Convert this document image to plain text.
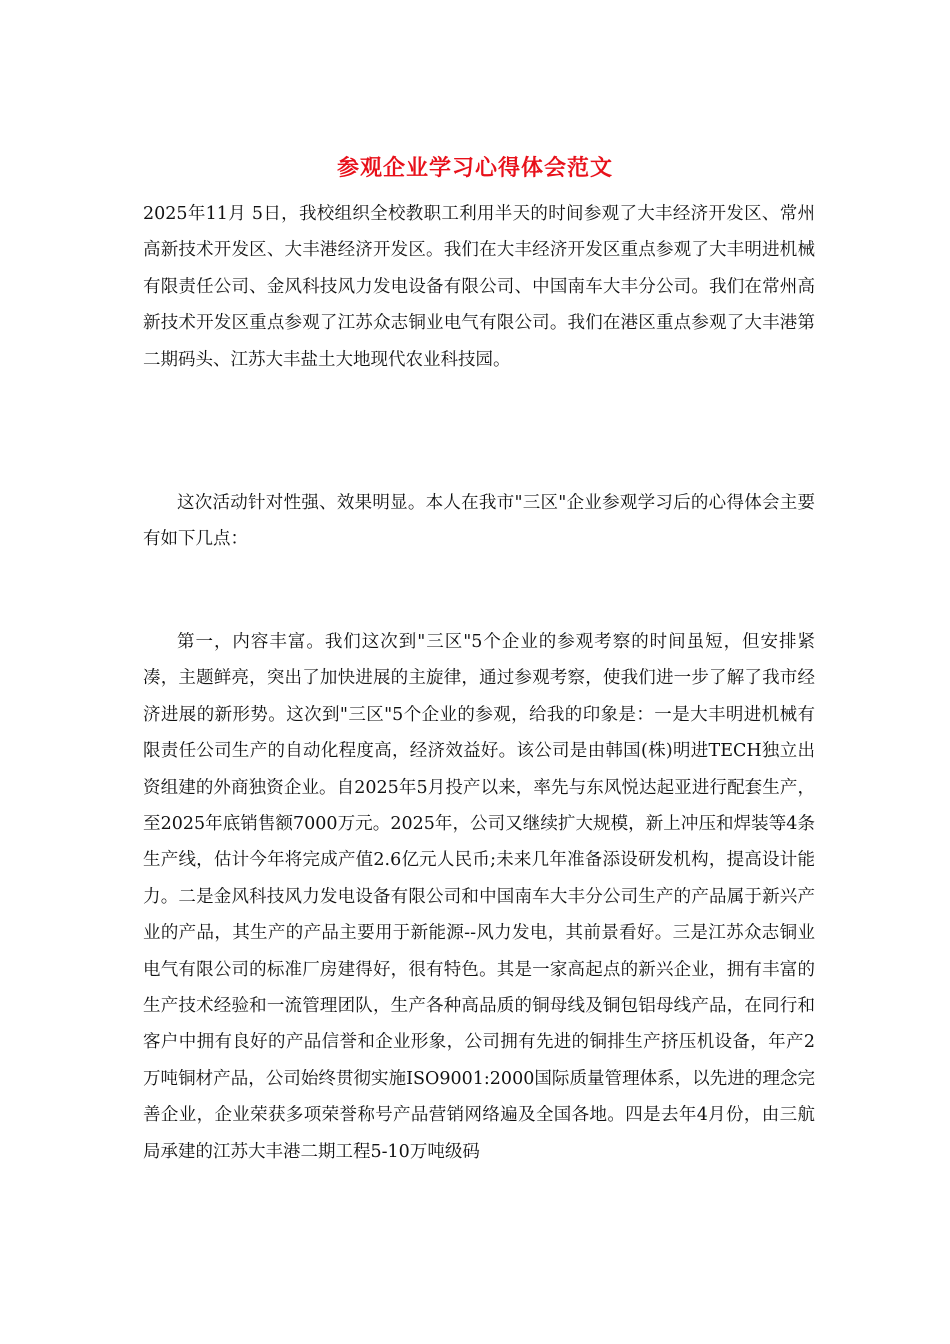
参观企业学习心得体会范文

2025年11月 5日，我校组织全校教职工利用半天的时间参观了大丰经济开发区、常州高新技术开发区、大丰港经济开发区。我们在大丰经济开发区重点参观了大丰明进机械有限责任公司、金风科技风力发电设备有限公司、中国南车大丰分公司。我们在常州高新技术开发区重点参观了江苏众志铜业电气有限公司。我们在港区重点参观了大丰港第二期码头、江苏大丰盐土大地现代农业科技园。

这次活动针对性强、效果明显。本人在我市"三区"企业参观学习后的心得体会主要有如下几点：

第一，内容丰富。我们这次到"三区"5个企业的参观考察的时间虽短，但安排紧凑，主题鲜亮，突出了加快进展的主旋律，通过参观考察，使我们进一步了解了我市经济进展的新形势。这次到"三区"5个企业的参观，给我的印象是：一是大丰明进机械有限责任公司生产的自动化程度高，经济效益好。该公司是由韩国(株)明进TECH独立出资组建的外商独资企业。自2025年5月投产以来，率先与东风悦达起亚进行配套生产，至2025年底销售额7000万元。2025年，公司又继续扩大规模，新上冲压和焊装等4条生产线，估计今年将完成产值2.6亿元人民币;未来几年准备添设研发机构，提高设计能力。二是金风科技风力发电设备有限公司和中国南车大丰分公司生产的产品属于新兴产业的产品，其生产的产品主要用于新能源--风力发电，其前景看好。三是江苏众志铜业电气有限公司的标准厂房建得好，很有特色。其是一家高起点的新兴企业，拥有丰富的生产技术经验和一流管理团队，生产各种高品质的铜母线及铜包铝母线产品，在同行和客户中拥有良好的产品信誉和企业形象，公司拥有先进的铜排生产挤压机设备，年产2万吨铜材产品，公司始终贯彻实施ISO9001:2000国际质量管理体系，以先进的理念完善企业，企业荣获多项荣誉称号产品营销网络遍及全国各地。四是去年4月份，由三航局承建的江苏大丰港二期工程5-10万吨级码
